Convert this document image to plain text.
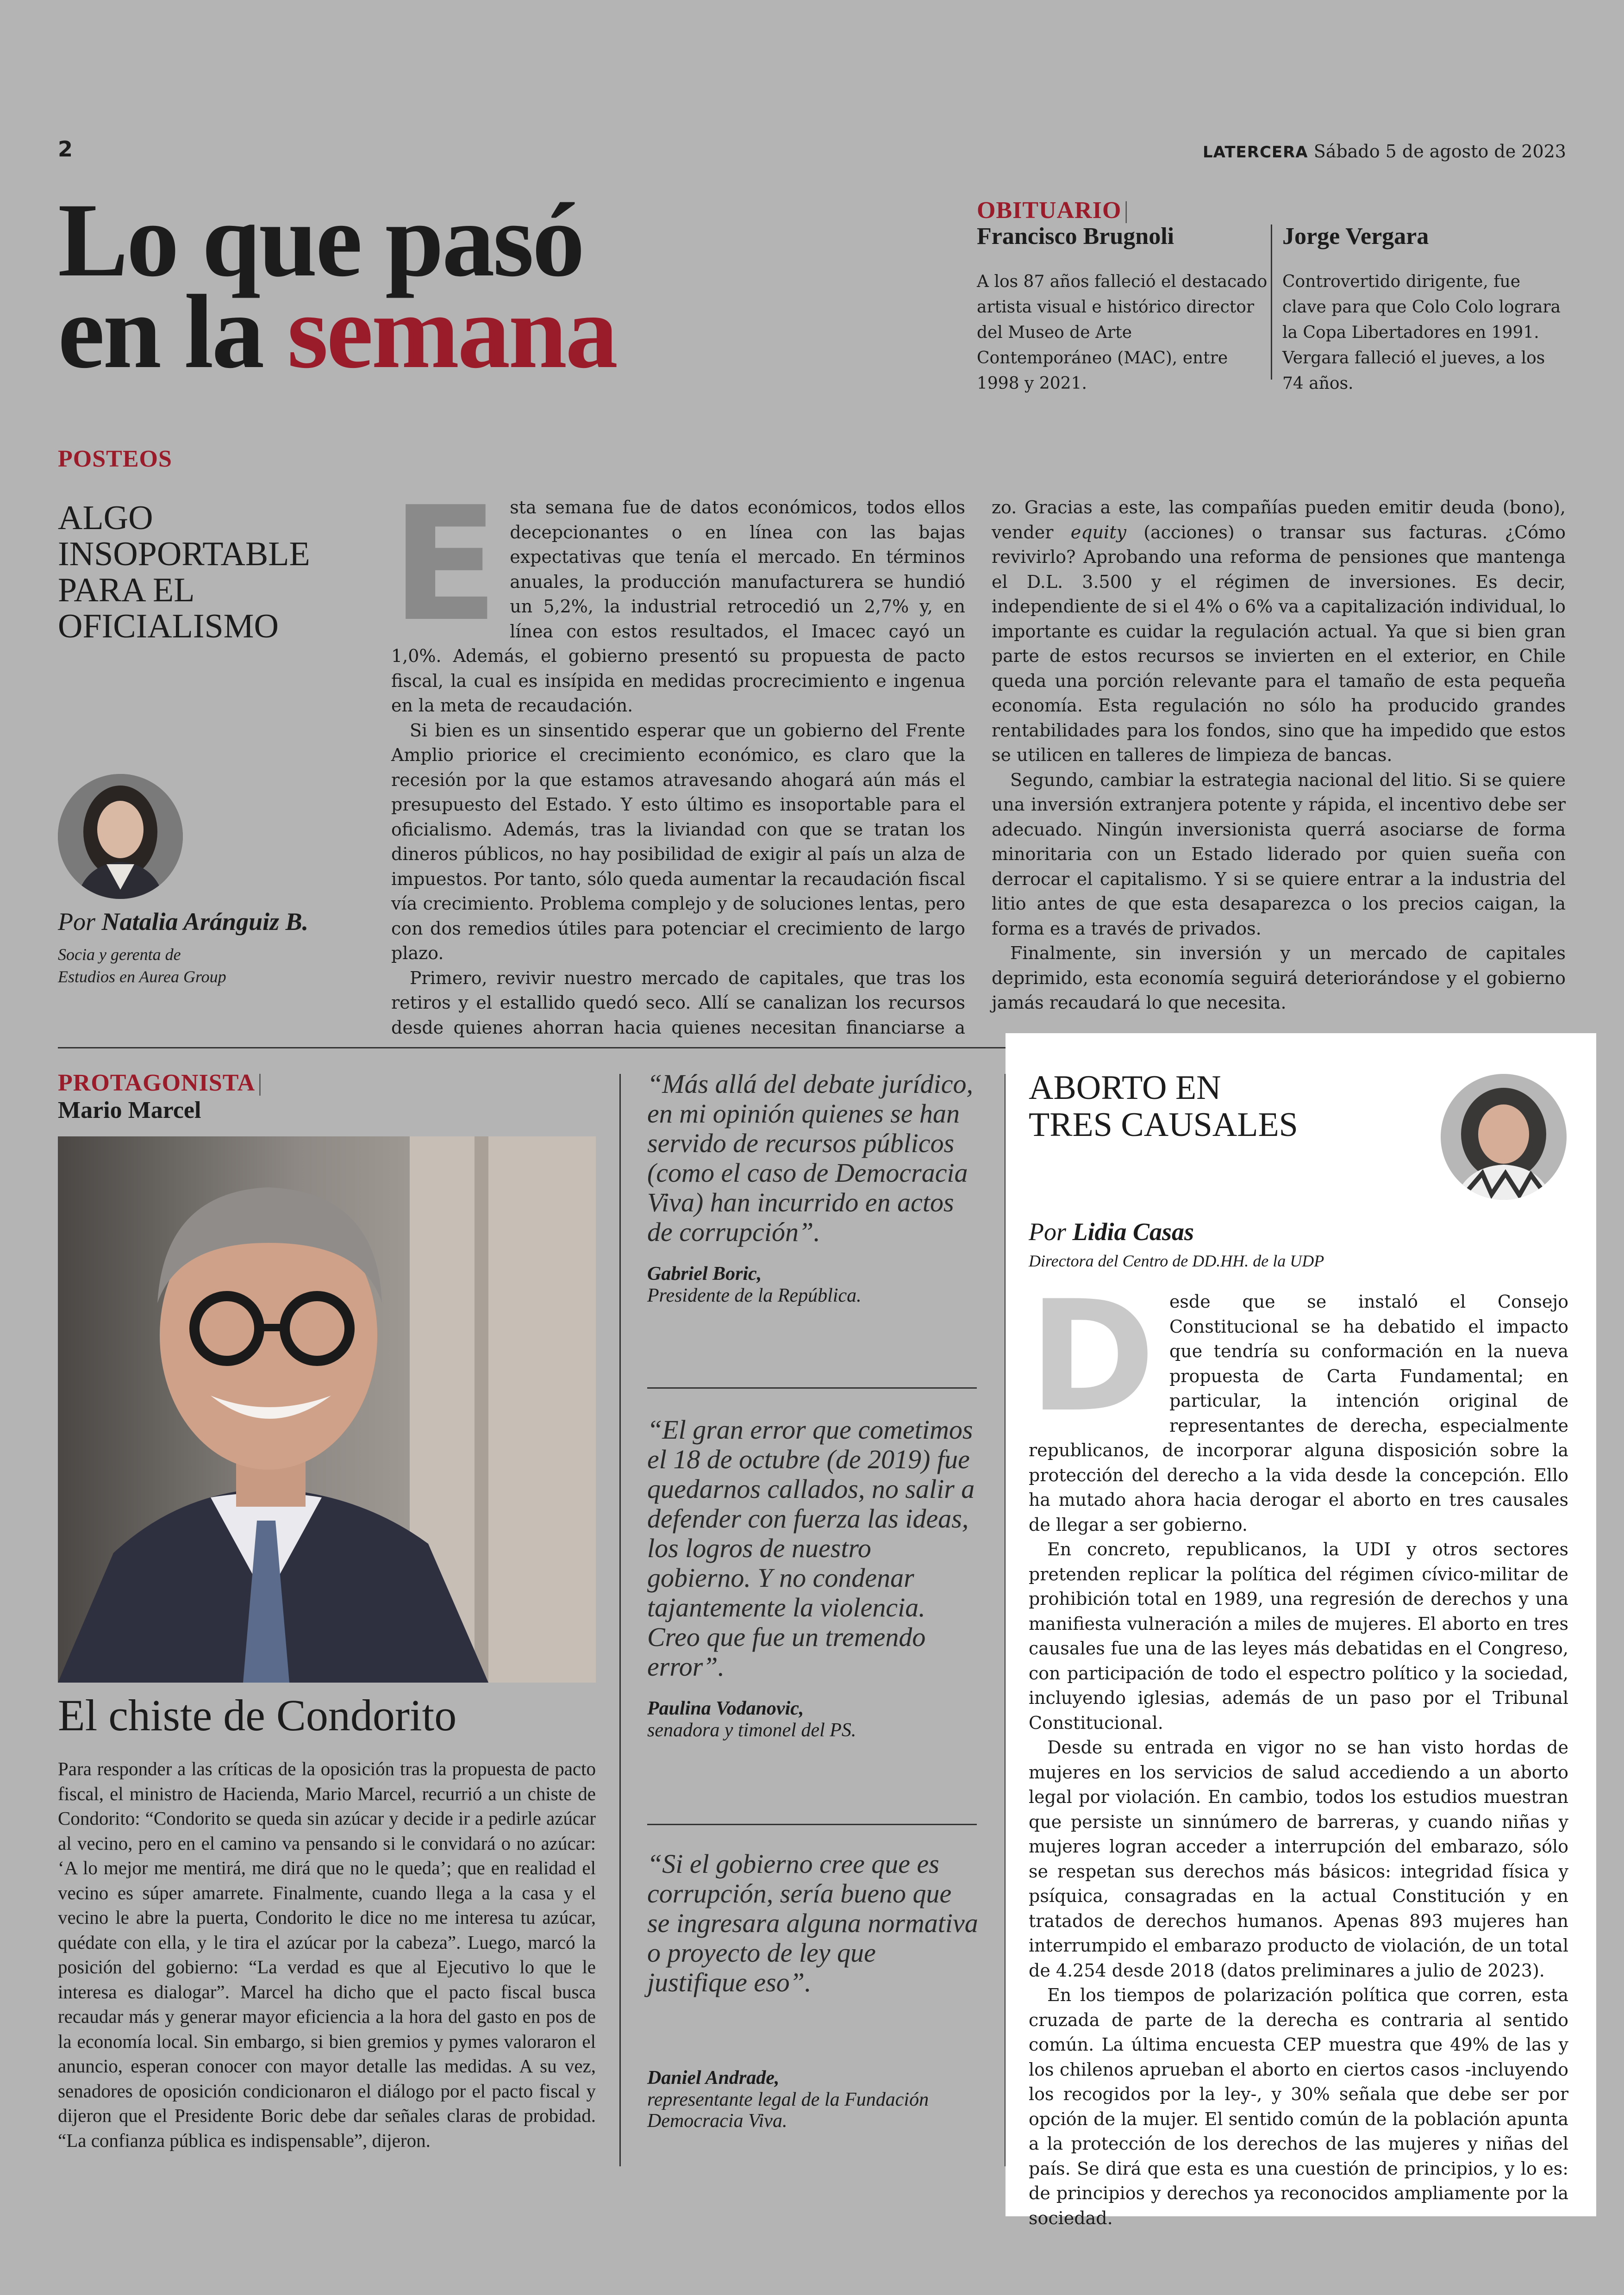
2	LATERCERA Sábado 5 de agosto de 2023
Lo que pasó
en la semana
OBITUARIO |
Francisco Brugnoli
A los 87 años falleció el destacado artista visual e histórico director del Museo de Arte Contemporáneo (MAC), entre 1998 y 2021.
Jorge Vergara
Controvertido dirigente, fue clave para que Colo Colo lograra la Copa Libertadores en 1991. Vergara falleció el jueves, a los 74 años.
POSTEOS
ALGO INSOPORTABLE PARA EL OFICIALISMO
Por Natalia Aránguiz B.
Socia y gerenta de
Estudios en Aurea Group
E sta semana fue de datos económicos, todos ellos decepcionantes o en línea con las bajas expectativas que tenía el mercado. En términos anuales, la producción manufacturera se hundió un 5,2%, la industrial retrocedió un 2,7% y, en línea con estos resultados, el Imacec cayó un 1,0%. Además, el gobierno presentó su propuesta de pacto fiscal, la cual es insípida en medidas procrecimiento e ingenua en la meta de recaudación.

Si bien es un sinsentido esperar que un gobierno del Frente Amplio priorice el crecimiento económico, es claro que la recesión por la que estamos atravesando ahogará aún más el presupuesto del Estado. Y esto último es insoportable para el oficialismo. Además, tras la liviandad con que se tratan los dineros públicos, no hay posibilidad de exigir al país un alza de impuestos. Por tanto, sólo queda aumentar la recaudación fiscal vía crecimiento. Problema complejo y de soluciones lentas, pero con dos remedios útiles para potenciar el crecimiento de largo plazo.

Primero, revivir nuestro mercado de capitales, que tras los retiros y el estallido quedó seco. Allí se canalizan los recursos desde quienes ahorran hacia quienes necesitan financiarse a

zo. Gracias a este, las compañías pueden emitir deuda (bono), vender equity (acciones) o transar sus facturas. ¿Cómo revivirlo? Aprobando una reforma de pensiones que mantenga el D.L. 3.500 y el régimen de inversiones. Es decir, independiente de si el 4% o 6% va a capitalización individual, lo importante es cuidar la regulación actual. Ya que si bien gran parte de estos recursos se invierten en el exterior, en Chile queda una porción relevante para el tamaño de esta pequeña economía. Esta regulación no sólo ha producido grandes rentabilidades para los fondos, sino que ha impedido que estos se utilicen en talleres de limpieza de bancas.

Segundo, cambiar la estrategia nacional del litio. Si se quiere una inversión extranjera potente y rápida, el incentivo debe ser adecuado. Ningún inversionista querrá asociarse de forma minoritaria con un Estado liderado por quien sueña con derrocar el capitalismo. Y si se quiere entrar a la industria del litio antes de que esta desaparezca o los precios caigan, la forma es a través de privados.

Finalmente, sin inversión y un mercado de capitales deprimido, esta economía seguirá deteriorándose y el gobierno jamás recaudará lo que necesita.

PROTAGONISTA |
Mario Marcel
El chiste de Condorito
Para responder a las críticas de la oposición tras la propuesta de pacto fiscal, el ministro de Hacienda, Mario Marcel, recurrió a un chiste de Condorito: “Condorito se queda sin azúcar y decide ir a pedirle azúcar al vecino, pero en el camino va pensando si le convidará o no azúcar: ‘A lo mejor me mentirá, me dirá que no le queda’; que en realidad el vecino es súper amarrete. Finalmente, cuando llega a la casa y el vecino le abre la puerta, Condorito le dice no me interesa tu azúcar, quédate con ella, y le tira el azúcar por la cabeza”. Luego, marcó la posición del gobierno: “La verdad es que al Ejecutivo lo que le interesa es dialogar”. Marcel ha dicho que el pacto fiscal busca recaudar más y generar mayor eficiencia a la hora del gasto en pos de la economía local. Sin embargo, si bien gremios y pymes valoraron el anuncio, esperan conocer con mayor detalle las medidas. A su vez, senadores de oposición condicionaron el diálogo por el pacto fiscal y dijeron que el Presidente Boric debe dar señales claras de probidad. “La confianza pública es indispensable”, dijeron.
“Más allá del debate jurídico, en mi opinión quienes se han servido de recursos públicos (como el caso de Democracia Viva) han incurrido en actos de corrupción”.
Gabriel Boric,
Presidente de la República.
“El gran error que cometimos el 18 de octubre (de 2019) fue quedarnos callados, no salir a defender con fuerza las ideas, los logros de nuestro gobierno. Y no condenar tajantemente la violencia. Creo que fue un tremendo error”.
Paulina Vodanovic,
senadora y timonel del PS.
“Si el gobierno cree que es corrupción, sería bueno que se ingresara alguna normativa o proyecto de ley que justifique eso”.
Daniel Andrade,
representante legal de la Fundación Democracia Viva.
ABORTO EN
TRES CAUSALES
Por Lidia Casas
Directora del Centro de DD.HH. de la UDP
D esde que se instaló el Consejo Constitucional se ha debatido el impacto que tendría su conformación en la nueva propuesta de Carta Fundamental; en particular, la intención original de representantes de derecha, especialmente republicanos, de incorporar alguna disposición sobre la protección del derecho a la vida desde la concepción. Ello ha mutado ahora hacia derogar el aborto en tres causales de llegar a ser gobierno.

En concreto, republicanos, la UDI y otros sectores pretenden replicar la política del régimen cívico-militar de prohibición total en 1989, una regresión de derechos y una manifiesta vulneración a miles de mujeres. El aborto en tres causales fue una de las leyes más debatidas en el Congreso, con participación de todo el espectro político y la sociedad, incluyendo iglesias, además de un paso por el Tribunal Constitucional.

Desde su entrada en vigor no se han visto hordas de mujeres en los servicios de salud accediendo a un aborto legal por violación. En cambio, todos los estudios muestran que persiste un sinnúmero de barreras, y cuando niñas y mujeres logran acceder a interrupción del embarazo, sólo se respetan sus derechos más básicos: integridad física y psíquica, consagradas en la actual Constitución y en tratados de derechos humanos. Apenas 893 mujeres han interrumpido el embarazo producto de violación, de un total de 4.254 desde 2018 (datos preliminares a julio de 2023).

En los tiempos de polarización política que corren, esta cruzada de parte de la derecha es contraria al sentido común. La última encuesta CEP muestra que 49% de las y los chilenos aprueban el aborto en ciertos casos -incluyendo los recogidos por la ley-, y 30% señala que debe ser por opción de la mujer. El sentido común de la población apunta a la protección de los derechos de las mujeres y niñas del país. Se dirá que esta es una cuestión de principios, y lo es: de principios y derechos ya reconocidos ampliamente por la sociedad.
